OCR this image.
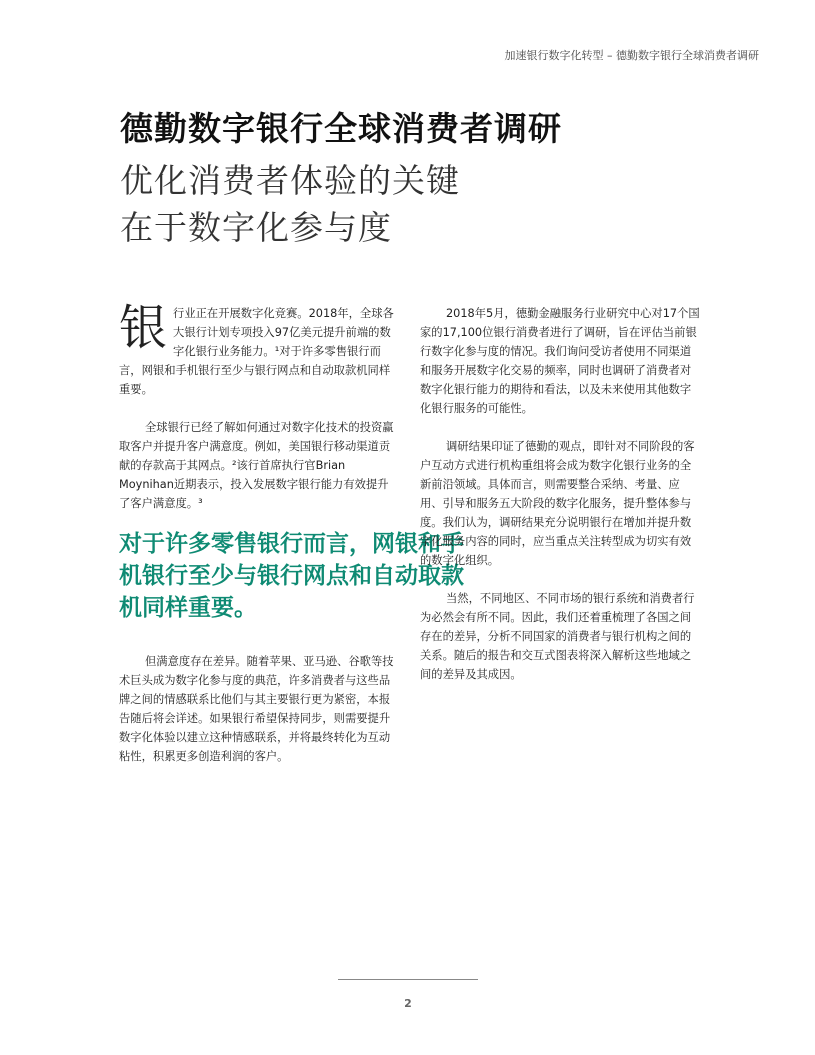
加速银行数字化转型 – 德勤数字银行全球消费者调研
德勤数字银行全球消费者调研
优化消费者体验的关键
在于数字化参与度

银 行业正在开展数字化竞赛。2018年，全球各大银行计划专项投入97亿美元提升前端的数字化银行业务能力。¹对于许多零售银行而言，网银和手机银行至少与银行网点和自动取款机同样重要。

全球银行已经了解如何通过对数字化技术的投资赢取客户并提升客户满意度。例如，美国银行移动渠道贡献的存款高于其网点。²该行首席执行官Brian Moynihan近期表示，投入发展数字银行能力有效提升了客户满意度。³

对于许多零售银行而言，网银和手机银行至少与银行网点和自动取款机同样重要。

但满意度存在差异。随着苹果、亚马逊、谷歌等技术巨头成为数字化参与度的典范，许多消费者与这些品牌之间的情感联系比他们与其主要银行更为紧密，本报告随后将会详述。如果银行希望保持同步，则需要提升数字化体验以建立这种情感联系，并将最终转化为互动粘性，积累更多创造利润的客户。

2018年5月，德勤金融服务行业研究中心对17个国家的17,100位银行消费者进行了调研，旨在评估当前银行数字化参与度的情况。我们询问受访者使用不同渠道和服务开展数字化交易的频率，同时也调研了消费者对数字化银行能力的期待和看法，以及未来使用其他数字化银行服务的可能性。

调研结果印证了德勤的观点，即针对不同阶段的客户互动方式进行机构重组将会成为数字化银行业务的全新前沿领域。具体而言，则需要整合采纳、考量、应用、引导和服务五大阶段的数字化服务，提升整体参与度。我们认为，调研结果充分说明银行在增加并提升数字化服务内容的同时，应当重点关注转型成为切实有效的数字化组织。

当然，不同地区、不同市场的银行系统和消费者行为必然会有所不同。因此，我们还着重梳理了各国之间存在的差异，分析不同国家的消费者与银行机构之间的关系。随后的报告和交互式图表将深入解析这些地域之间的差异及其成因。

2
